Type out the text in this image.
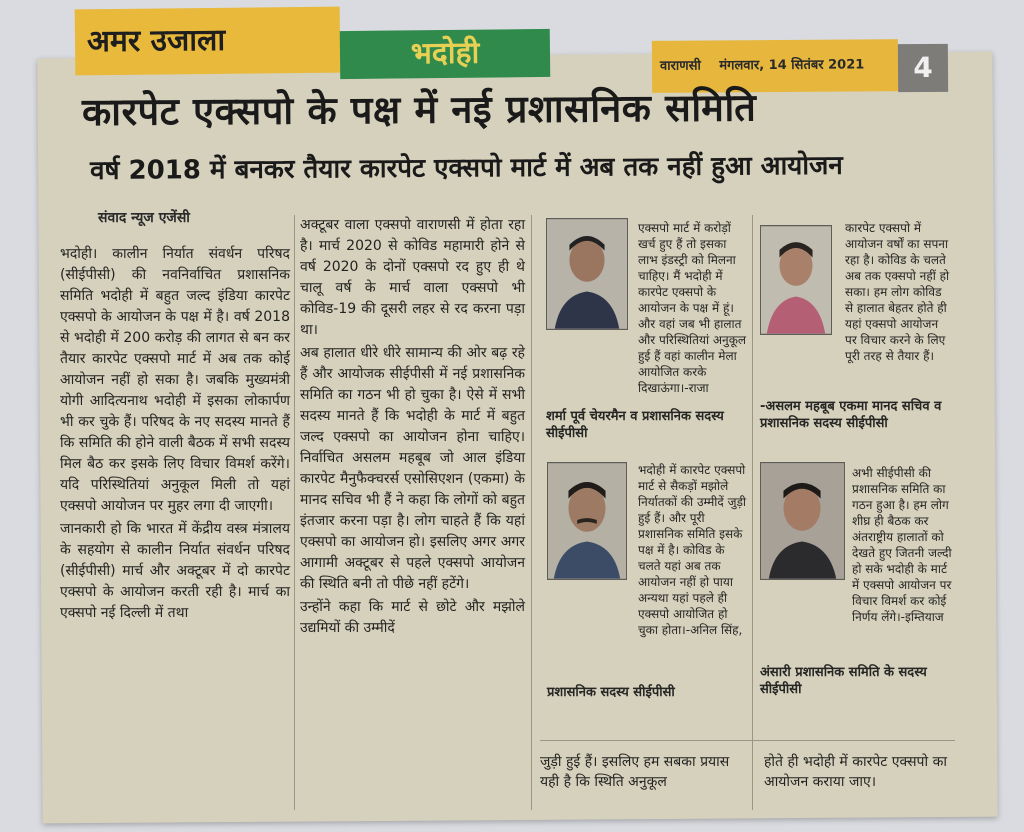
अमर उजाला	भदोही	वाराणसी मंगलवार, 14 सितंबर 2021	4
कारपेट एक्सपो के पक्ष में नई प्रशासनिक समिति
वर्ष 2018 में बनकर तैयार कारपेट एक्सपो मार्ट में अब तक नहीं हुआ आयोजन
संवाद न्यूज एजेंसी

भदोही। कालीन निर्यात संवर्धन परिषद (सीईपीसी) की नवनिर्वाचित प्रशासनिक समिति भदोही में बहुत जल्द इंडिया कारपेट एक्सपो के आयोजन के पक्ष में है। वर्ष 2018 से भदोही में 200 करोड़ की लागत से बन कर तैयार कारपेट एक्सपो मार्ट में अब तक कोई आयोजन नहीं हो सका है। जबकि मुख्यमंत्री योगी आदित्यनाथ भदोही में इसका लोकार्पण भी कर चुके हैं। परिषद के नए सदस्य मानते हैं कि समिति की होने वाली बैठक में सभी सदस्य मिल बैठ कर इसके लिए विचार विमर्श करेंगे। यदि परिस्थितियां अनुकूल मिली तो यहां एक्सपो आयोजन पर मुहर लगा दी जाएगी।

जानकारी हो कि भारत में केंद्रीय वस्त्र मंत्रालय के सहयोग से कालीन निर्यात संवर्धन परिषद (सीईपीसी) मार्च और अक्टूबर में दो कारपेट एक्सपो के आयोजन करती रही है। मार्च का एक्सपो नई दिल्ली में तथा

अक्टूबर वाला एक्सपो वाराणसी में होता रहा है। मार्च 2020 से कोविड महामारी होने से वर्ष 2020 के दोनों एक्सपो रद हुए ही थे चालू वर्ष के मार्च वाला एक्सपो भी कोविड-19 की दूसरी लहर से रद करना पड़ा था।

अब हालात धीरे धीरे सामान्य की ओर बढ़ रहे हैं और आयोजक सीईपीसी में नई प्रशासनिक समिति का गठन भी हो चुका है। ऐसे में सभी सदस्य मानते हैं कि भदोही के मार्ट में बहुत जल्द एक्सपो का आयोजन होना चाहिए। निर्वाचित असलम महबूब जो आल इंडिया कारपेट मैनुफैक्चरर्स एसोसिएशन (एकमा) के मानद सचिव भी हैं ने कहा कि लोगों को बहुत इंतजार करना पड़ा है। लोग चाहते हैं कि यहां एक्सपो का आयोजन हो। इसलिए अगर अगर आगामी अक्टूबर से पहले एक्सपो आयोजन की स्थिति बनी तो पीछे नहीं हटेंगे।

उन्होंने कहा कि मार्ट से छोटे और मझोले उद्यमियों की उम्मीदें

एक्सपो मार्ट में करोड़ों खर्च हुए हैं तो इसका लाभ इंडस्ट्री को मिलना चाहिए। मैं भदोही में कारपेट एक्सपो के आयोजन के पक्ष में हूं। और वहां जब भी हालात और परिस्थितियां अनुकूल हुई हैं वहां कालीन मेला आयोजित करके दिखाऊंगा।-राजा
शर्मा पूर्व चेयरमैन व प्रशासनिक सदस्य सीईपीसी
कारपेट एक्सपो में आयोजन वर्षों का सपना रहा है। कोविड के चलते अब तक एक्सपो नहीं हो सका। हम लोग कोविड से हालात बेहतर होते ही यहां एक्सपो आयोजन पर विचार करने के लिए पूरी तरह से तैयार हैं।
-असलम महबूब एकमा मानद सचिव व प्रशासनिक सदस्य सीईपीसी
भदोही में कारपेट एक्सपो मार्ट से सैकड़ों मझोले निर्यातकों की उम्मीदें जुड़ी हुई हैं। और पूरी प्रशासनिक समिति इसके पक्ष में है। कोविड के चलते यहां अब तक आयोजन नहीं हो पाया अन्यथा यहां पहले ही एक्सपो आयोजित हो चुका होता।-अनिल सिंह,
प्रशासनिक सदस्य सीईपीसी
अभी सीईपीसी की प्रशासनिक समिति का गठन हुआ है। हम लोग शीघ्र ही बैठक कर अंतराष्ट्रीय हालातों को देखते हुए जितनी जल्दी हो सके भदोही के मार्ट में एक्सपो आयोजन पर विचार विमर्श कर कोई निर्णय लेंगे।-इम्तियाज
अंसारी प्रशासनिक समिति के सदस्य सीईपीसी
जुड़ी हुई हैं। इसलिए हम सबका प्रयास यही है कि स्थिति अनुकूल
होते ही भदोही में कारपेट एक्सपो का आयोजन कराया जाए।
